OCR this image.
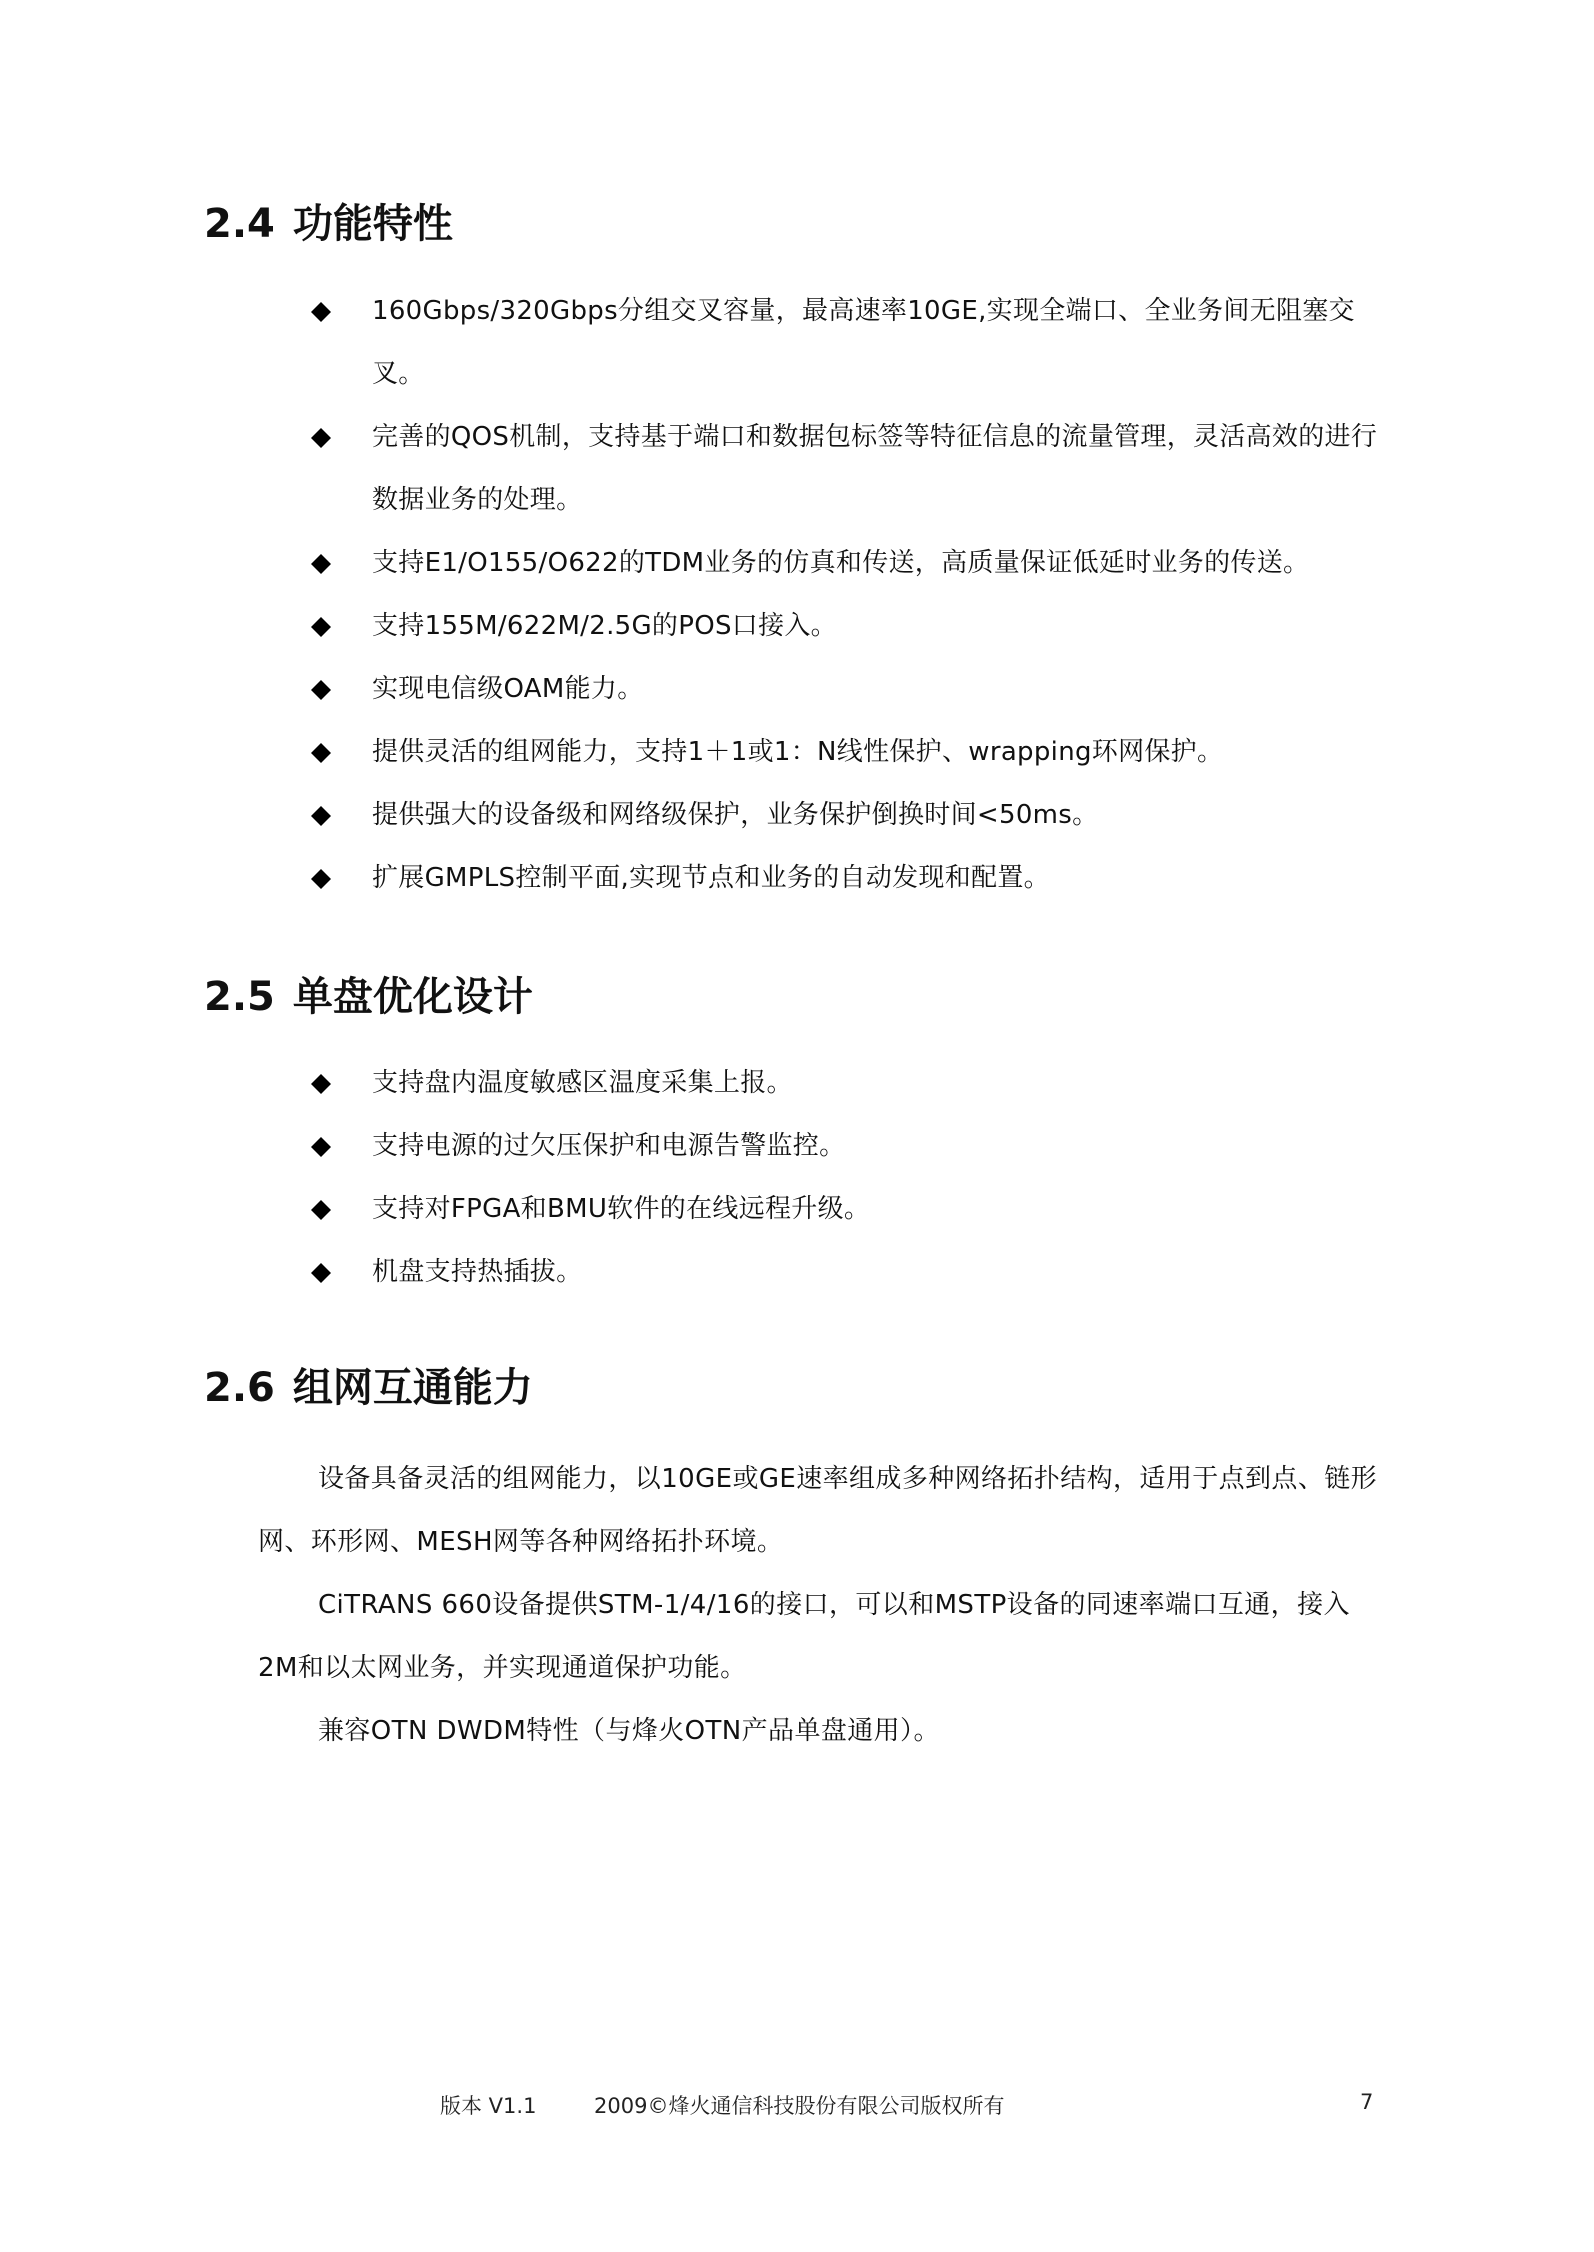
2.4 功能特性
160Gbps/320Gbps分组交叉容量，最高速率10GE,实现全端口、全业务间无阻塞交叉。
完善的QOS机制，支持基于端口和数据包标签等特征信息的流量管理，灵活高效的进行数据业务的处理。
支持E1/O155/O622的TDM业务的仿真和传送，高质量保证低延时业务的传送。
支持155M/622M/2.5G的POS口接入。
实现电信级OAM能力。
提供灵活的组网能力，支持1＋1或1：N线性保护、wrapping环网保护。
提供强大的设备级和网络级保护，业务保护倒换时间<50ms。
扩展GMPLS控制平面,实现节点和业务的自动发现和配置。
2.5 单盘优化设计
支持盘内温度敏感区温度采集上报。
支持电源的过欠压保护和电源告警监控。
支持对FPGA和BMU软件的在线远程升级。
机盘支持热插拔。
2.6 组网互通能力

设备具备灵活的组网能力，以10GE或GE速率组成多种网络拓扑结构，适用于点到点、链形网、环形网、MESH网等各种网络拓扑环境。

CiTRANS 660设备提供STM-1/4/16的接口，可以和MSTP设备的同速率端口互通，接入2M和以太网业务，并实现通道保护功能。

兼容OTN DWDM特性（与烽火OTN产品单盘通用）。

版本 V1.1	2009©烽火通信科技股份有限公司版权所有	7
